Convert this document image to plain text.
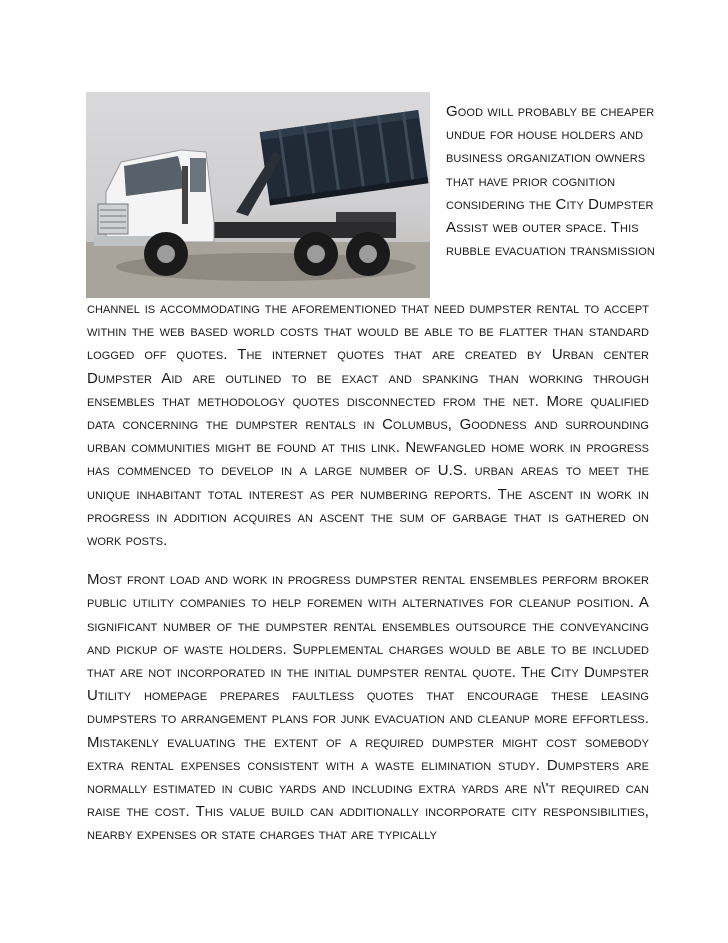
Good will probably be cheaper undue for house holders and business organization owners that have prior cognition considering the City Dumpster Assist web outer space. This rubble evacuation transmission

channel is accommodating the aforementioned that need dumpster rental to accept within the web based world costs that would be able to be flatter than standard logged off quotes. The internet quotes that are created by Urban center Dumpster Aid are outlined to be exact and spanking than working through ensembles that methodology quotes disconnected from the net. More qualified data concerning the dumpster rentals in Columbus, Goodness and surrounding urban communities might be found at this link. Newfangled home work in progress has commenced to develop in a large number of U.S. urban areas to meet the unique inhabitant total interest as per numbering reports. The ascent in work in progress in addition acquires an ascent the sum of garbage that is gathered on work posts.

Most front load and work in progress dumpster rental ensembles perform broker public utility companies to help foremen with alternatives for cleanup position. A significant number of the dumpster rental ensembles outsource the conveyancing and pickup of waste holders. Supplemental charges would be able to be included that are not incorporated in the initial dumpster rental quote. The City Dumpster Utility homepage prepares faultless quotes that encourage these leasing dumpsters to arrangement plans for junk evacuation and cleanup more effortless. Mistakenly evaluating the extent of a required dumpster might cost somebody extra rental expenses consistent with a waste elimination study. Dumpsters are normally estimated in cubic yards and including extra yards are n\'t required can raise the cost. This value build can additionally incorporate city responsibilities, nearby expenses or state charges that are typically
